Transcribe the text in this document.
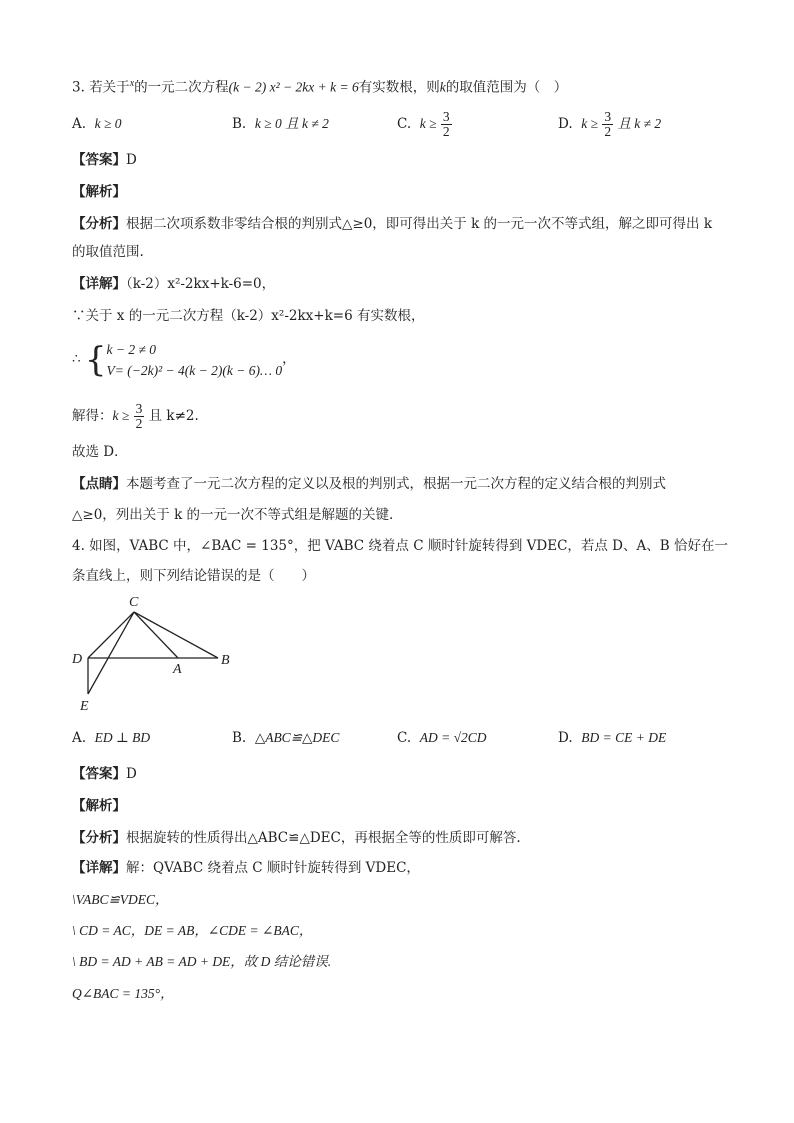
3. 若关于$^x$的一元二次方程(k − 2) x² − 2kx + k = 6有实数根，则k的取值范围为（　）
A. k ≥ 0	B. k ≥ 0 且 k ≠ 2	C. $k \ge \frac{3}{2}$	D. $k \ge \frac{3}{2}$ 且 k ≠ 2
【答案】D
【解析】
【分析】根据二次项系数非零结合根的判别式△≥0，即可得出关于 k 的一元一次不等式组，解之即可得出 k
的取值范围.
【详解】（k-2）x²-2kx+k-6=0，
∵关于 x 的一元二次方程（k-2）x²-2kx+k=6 有实数根，
∴ { k − 2 ≠ 0
V= (−2k)² − 4(k − 2)(k − 6)… 0
，
解得：$k \ge \frac{3}{2}$ 且 k≠2.
故选 D．
【点睛】本题考查了一元二次方程的定义以及根的判别式，根据一元二次方程的定义结合根的判别式
△≥0，列出关于 k 的一元一次不等式组是解题的关键.
4. 如图，VABC 中，∠BAC = 135°，把 VABC 绕着点 C 顺时针旋转得到 VDEC，若点 D、A、B 恰好在一
条直线上，则下列结论错误的是（　　）
C
D
A
B
E
A. ED ⊥ BD	B. △ABC≌△DEC	C. AD = √2CD	D. BD = CE + DE
【答案】D
【解析】
【分析】根据旋转的性质得出△ABC≌△DEC，再根据全等的性质即可解答.
【详解】解：QVABC 绕着点 C 顺时针旋转得到 VDEC，
\VABC≌VDEC，
\ CD = AC，DE = AB，∠CDE = ∠BAC，
\ BD = AD + AB = AD + DE，故 D 结论错误.
Q∠BAC = 135°，
